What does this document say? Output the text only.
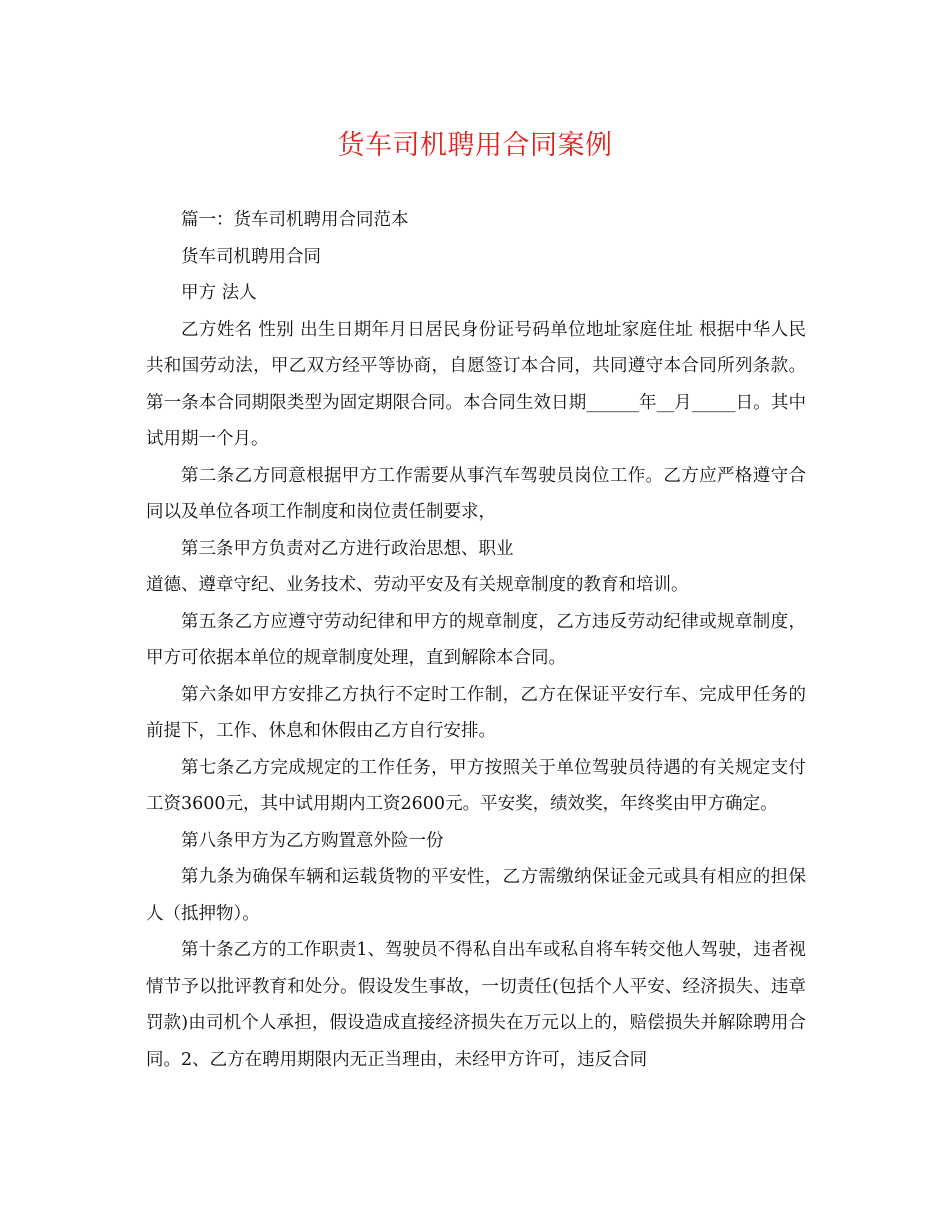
货车司机聘用合同案例

篇一：货车司机聘用合同范本

货车司机聘用合同

甲方 法人

乙方姓名 性别 出生日期年月日居民身份证号码单位地址家庭住址 根据中华人民共和国劳动法，甲乙双方经平等协商，自愿签订本合同，共同遵守本合同所列条款。 第一条本合同期限类型为固定期限合同。本合同生效日期______年__月_____日。其中试用期一个月。

第二条乙方同意根据甲方工作需要从事汽车驾驶员岗位工作。乙方应严格遵守合同以及单位各项工作制度和岗位责任制要求，

第三条甲方负责对乙方进行政治思想、职业

道德、遵章守纪、业务技术、劳动平安及有关规章制度的教育和培训。

第五条乙方应遵守劳动纪律和甲方的规章制度，乙方违反劳动纪律或规章制度，甲方可依据本单位的规章制度处理，直到解除本合同。

第六条如甲方安排乙方执行不定时工作制，乙方在保证平安行车、完成甲任务的前提下，工作、休息和休假由乙方自行安排。

第七条乙方完成规定的工作任务，甲方按照关于单位驾驶员待遇的有关规定支付工资3600元，其中试用期内工资2600元。平安奖，绩效奖，年终奖由甲方确定。

第八条甲方为乙方购置意外险一份

第九条为确保车辆和运载货物的平安性，乙方需缴纳保证金元或具有相应的担保人（抵押物）。

第十条乙方的工作职责1、驾驶员不得私自出车或私自将车转交他人驾驶，违者视情节予以批评教育和处分。假设发生事故，一切责任(包括个人平安、经济损失、违章罚款)由司机个人承担，假设造成直接经济损失在万元以上的，赔偿损失并解除聘用合同。2、乙方在聘用期限内无正当理由，未经甲方许可，违反合同
